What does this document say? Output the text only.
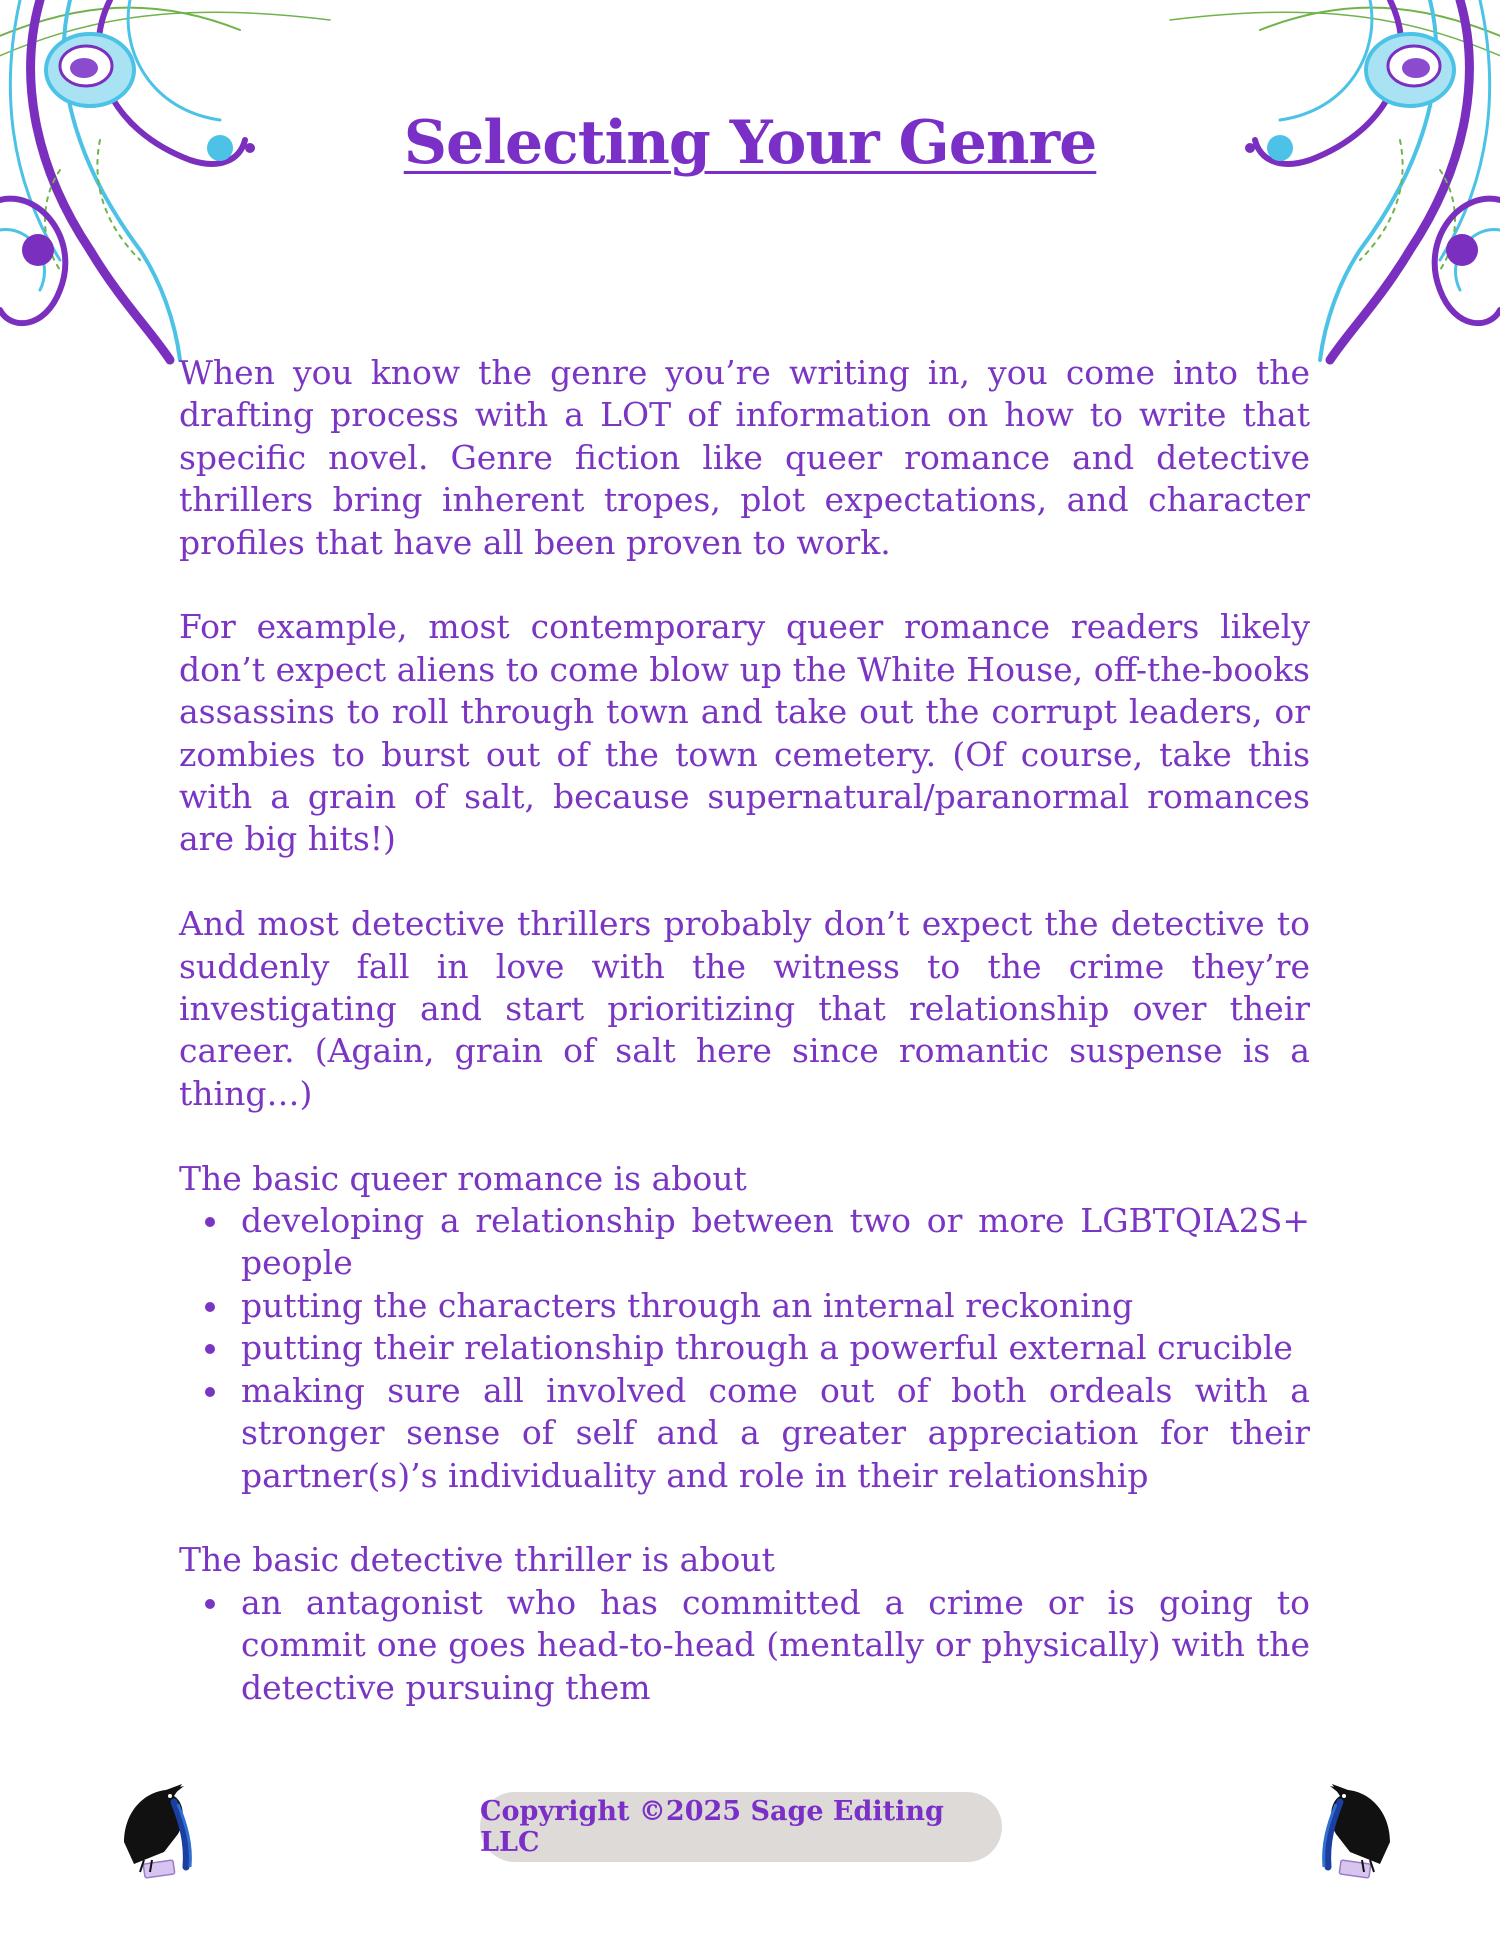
Selecting Your Genre

When you know the genre you’re writing in, you come into the drafting process with a LOT of information on how to write that specific novel. Genre fiction like queer romance and detective thrillers bring inherent tropes, plot expectations, and character profiles that have all been proven to work.

For example, most contemporary queer romance readers likely don’t expect aliens to come blow up the White House, off-the-books assassins to roll through town and take out the corrupt leaders, or zombies to burst out of the town cemetery. (Of course, take this with a grain of salt, because supernatural/paranormal romances are big hits!)

And most detective thrillers probably don’t expect the detective to suddenly fall in love with the witness to the crime they’re investigating and start prioritizing that relationship over their career. (Again, grain of salt here since romantic suspense is a thing…)

The basic queer romance is about

developing a relationship between two or more LGBTQIA2S+ people
putting the characters through an internal reckoning
putting their relationship through a powerful external crucible
making sure all involved come out of both ordeals with a stronger sense of self and a greater appreciation for their partner(s)’s individuality and role in their relationship

The basic detective thriller is about

an antagonist who has committed a crime or is going to commit one goes head-to-head (mentally or physically) with the detective pursuing them
Copyright ©2025 Sage Editing LLC
